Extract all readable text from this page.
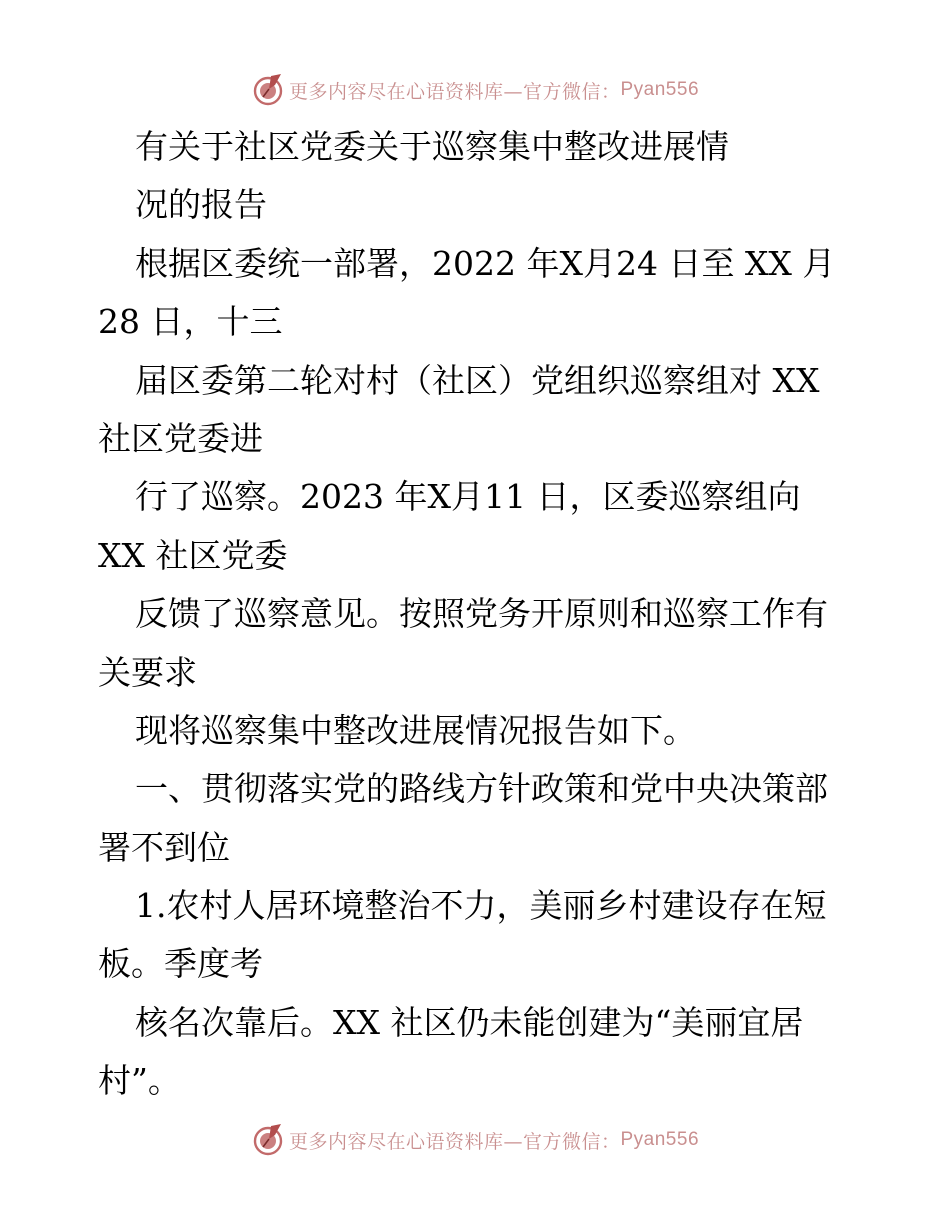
更多内容尽在心语资料库—官方微信： Pyan556
有关于社区党委关于巡察集中整改进展情
况的报告
根据区委统一部署，2022 年X月24 日至 XX 月
28 日，十三
届区委第二轮对村（社区）党组织巡察组对 XX
社区党委进
行了巡察。2023 年X月11 日，区委巡察组向
XX 社区党委
反馈了巡察意见。按照党务开原则和巡察工作有
关要求
现将巡察集中整改进展情况报告如下。
一、贯彻落实党的路线方针政策和党中央决策部
署不到位
1.农村人居环境整治不力，美丽乡村建设存在短
板。季度考
核名次靠后。XX 社区仍未能创建为“美丽宜居
村”。
更多内容尽在心语资料库—官方微信： Pyan556
